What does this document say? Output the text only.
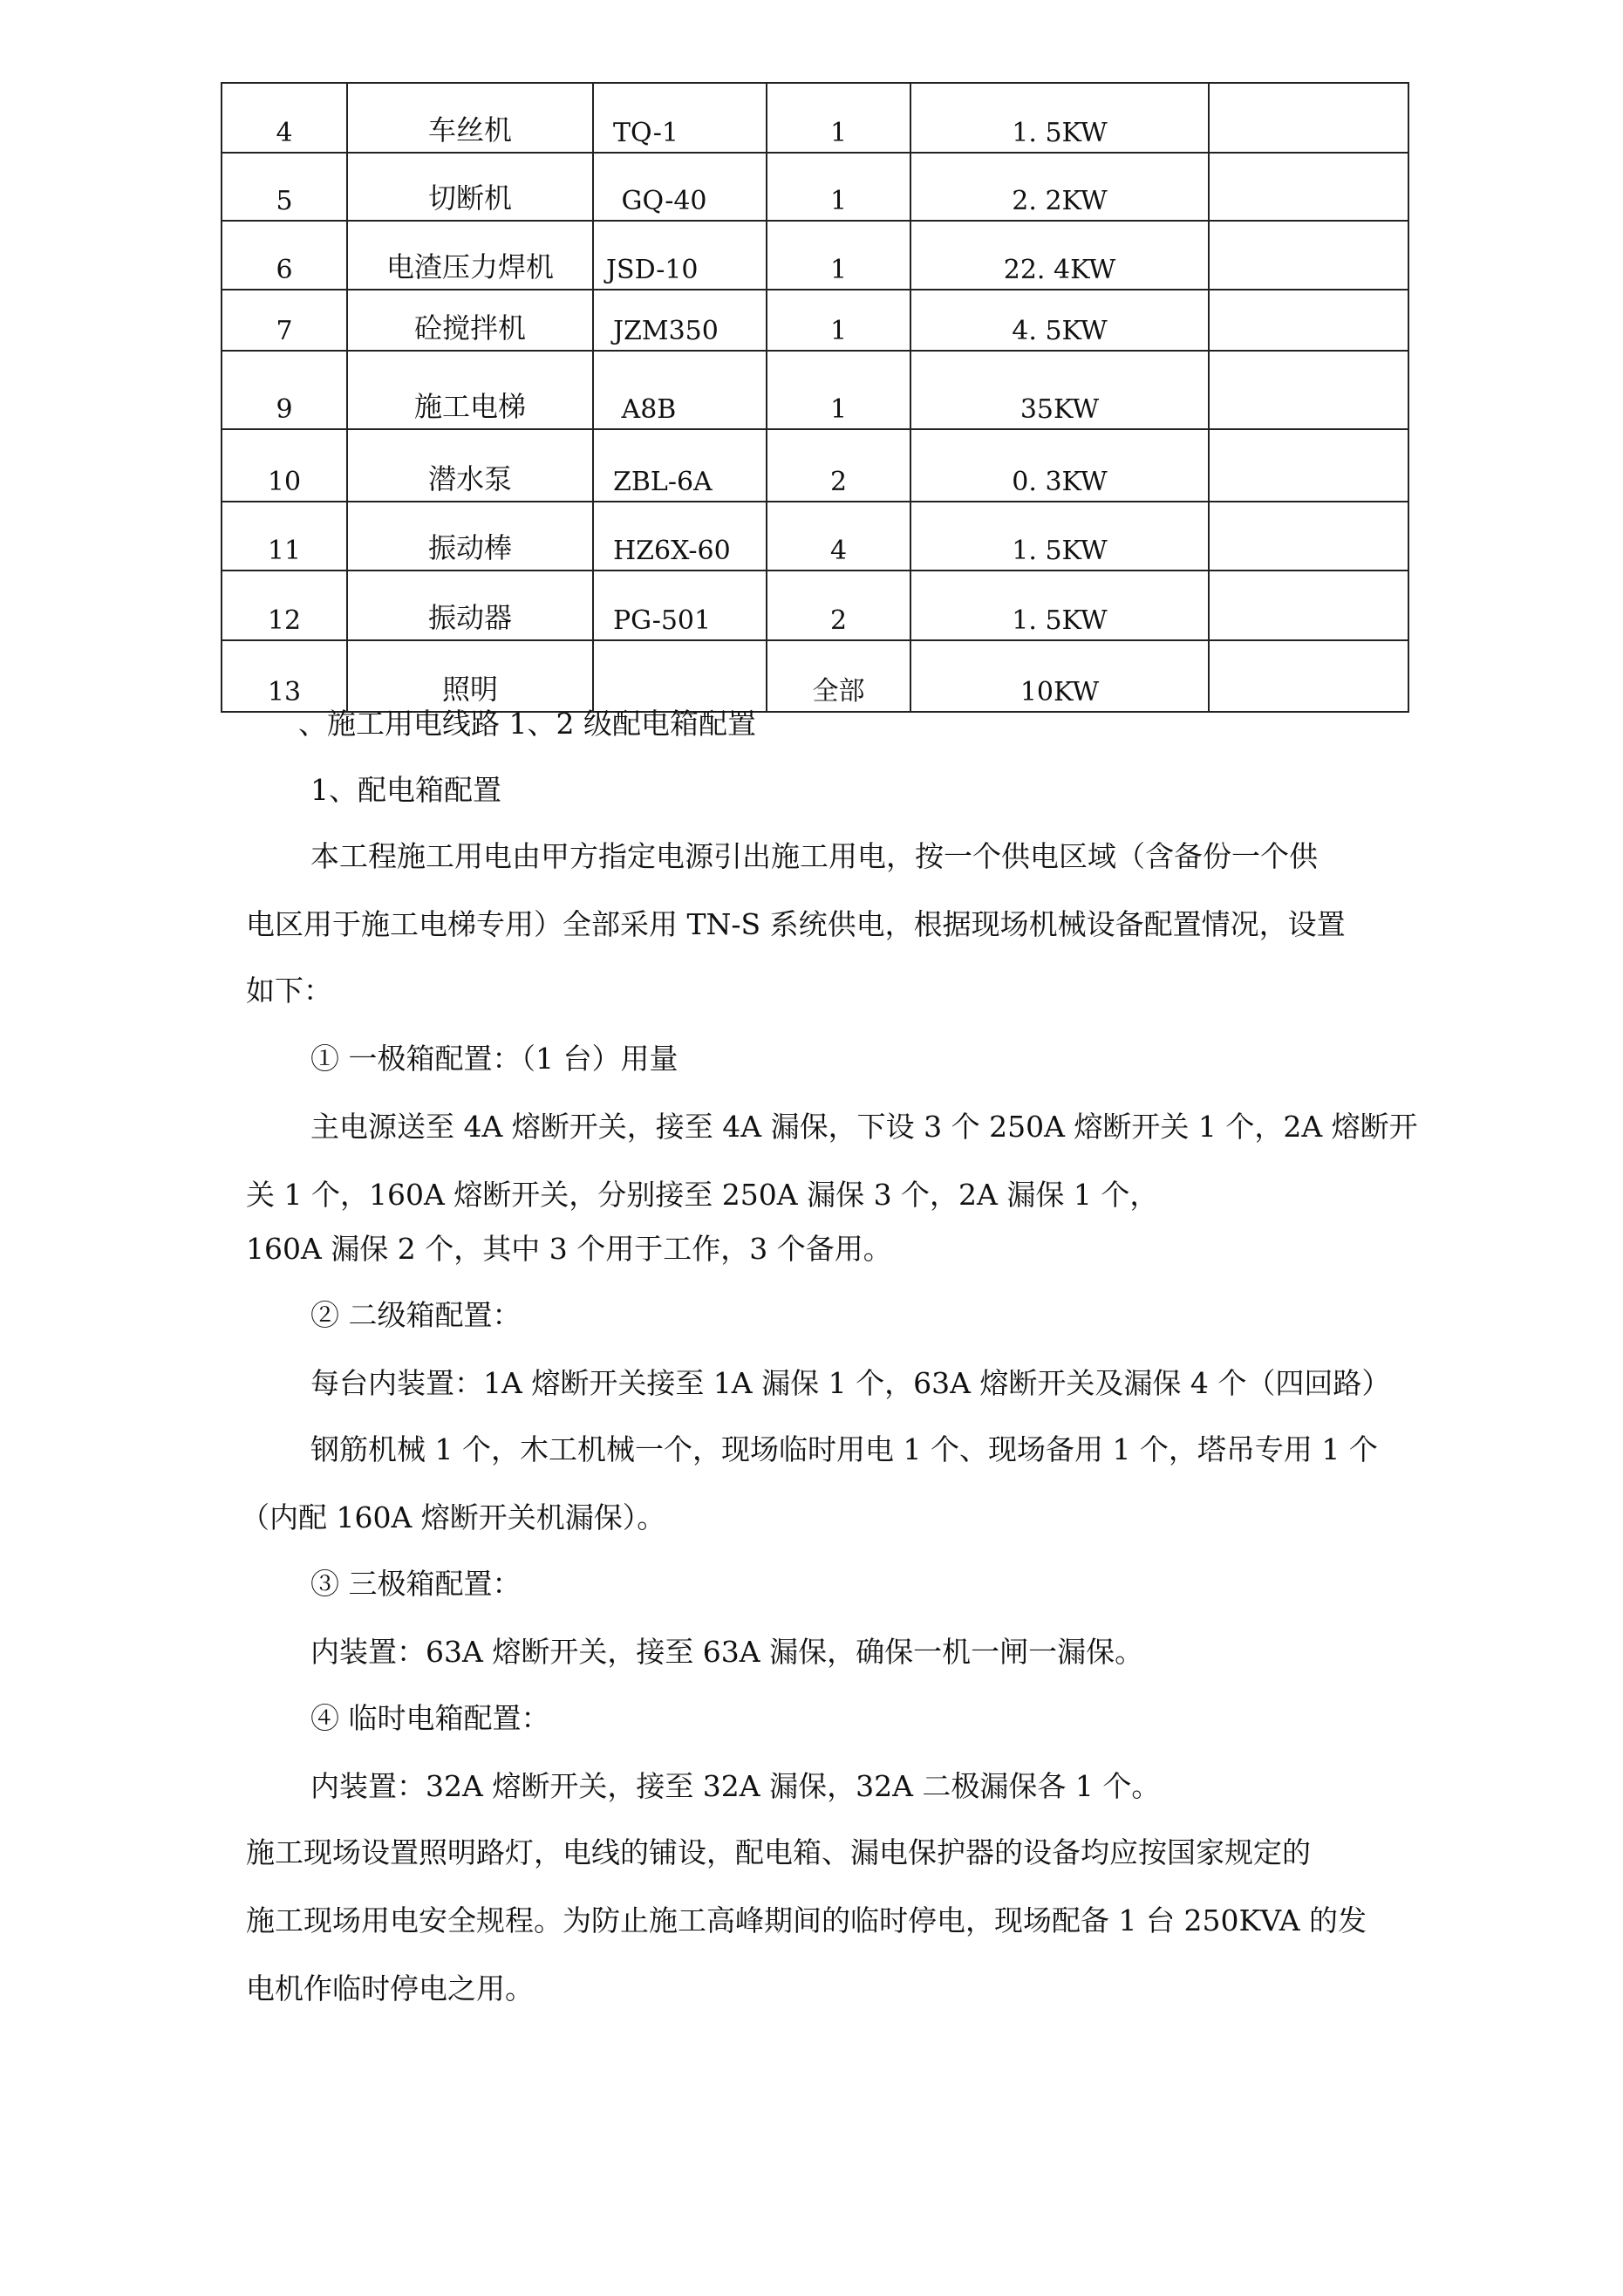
4	车丝机	TQ-1	1	1. 5KW	
5	切断机	GQ-40	1	2. 2KW	
6	电渣压力焊机	JSD-10	1	22. 4KW	
7	砼搅拌机	JZM350	1	4. 5KW	
9	施工电梯	A8B	1	35KW	
10	潜水泵	ZBL-6A	2	0. 3KW	
11	振动棒	HZ6X-60	4	1. 5KW	
12	振动器	PG-501	2	1. 5KW	
13	照明		全部	10KW	

、施工用电线路 1、2 级配电箱配置

1、配电箱配置

本工程施工用电由甲方指定电源引出施工用电，按一个供电区域（含备份一个供

电区用于施工电梯专用）全部采用 TN-S 系统供电，根据现场机械设备配置情况，设置

如下：

① 一极箱配置：（1 台）用量

主电源送至 4A 熔断开关，接至 4A 漏保，下设 3 个 250A 熔断开关 1 个，2A 熔断开

关 1 个，160A 熔断开关，分别接至 250A 漏保 3 个，2A 漏保 1 个，

160A 漏保 2 个，其中 3 个用于工作，3 个备用。

② 二级箱配置：

每台内装置：1A 熔断开关接至 1A 漏保 1 个，63A 熔断开关及漏保 4 个（四回路）

钢筋机械 1 个，木工机械一个，现场临时用电 1 个、现场备用 1 个，塔吊专用 1 个

（内配 160A 熔断开关机漏保）。

③ 三极箱配置：

内装置：63A 熔断开关，接至 63A 漏保，确保一机一闸一漏保。

④ 临时电箱配置：

内装置：32A 熔断开关，接至 32A 漏保，32A 二极漏保各 1 个。

施工现场设置照明路灯，电线的铺设，配电箱、漏电保护器的设备均应按国家规定的

施工现场用电安全规程。为防止施工高峰期间的临时停电，现场配备 1 台 250KVA 的发

电机作临时停电之用。
